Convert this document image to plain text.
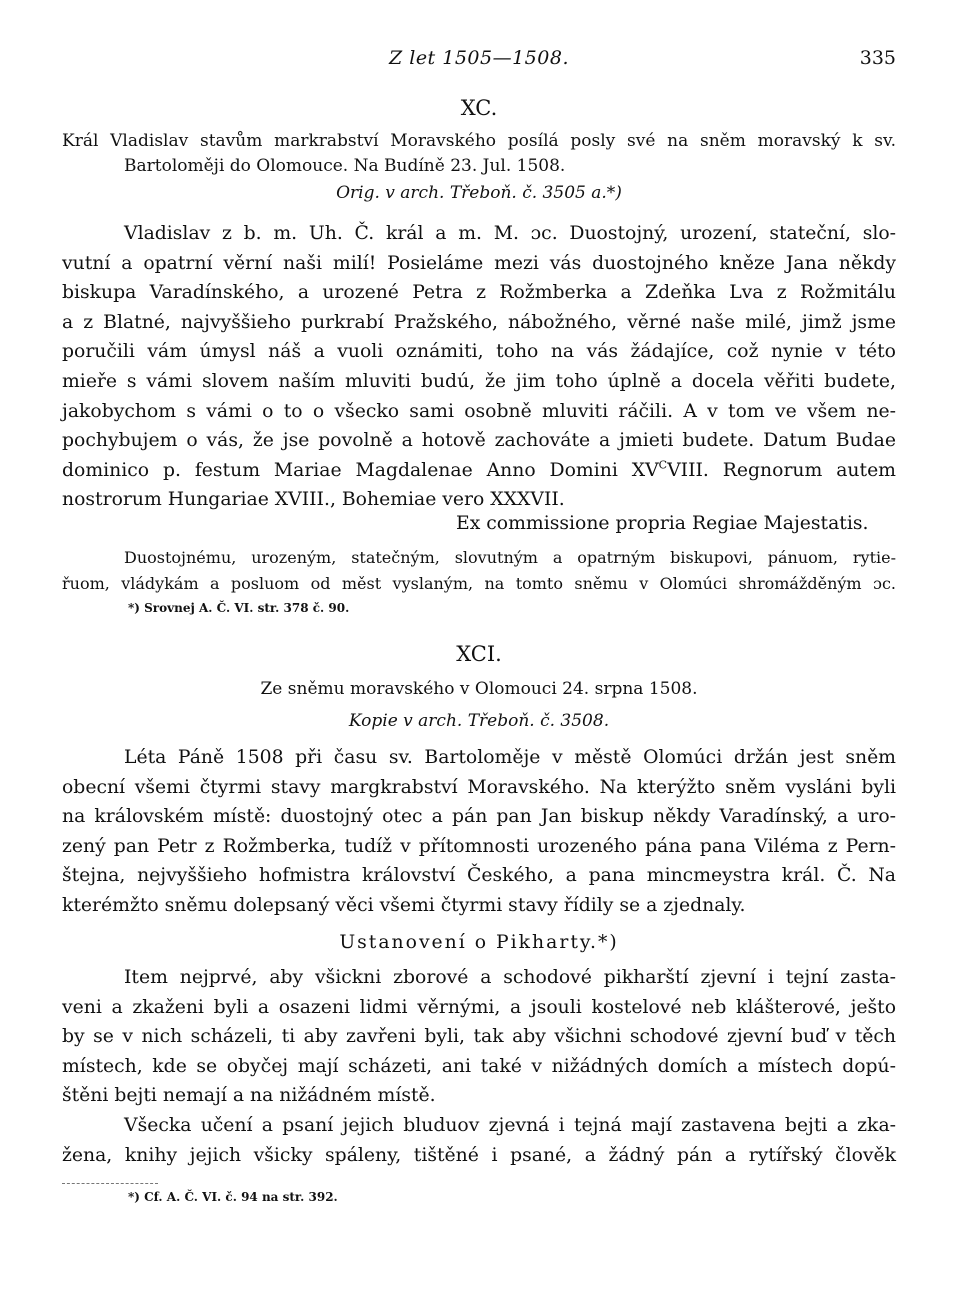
Z let 1505—1508.	335
XC.
Král Vladislav stavům markrabství Moravského posílá posly své na sněm moravský k sv.
Bartoloměji do Olomouce. Na Budíně 23. Jul. 1508.
Orig. v arch. Třeboň. č. 3505 a.*)
Vladislav z b. m. Uh. Č. král a m. M. ɔc. Duostojný, urození, stateční, slo-
vutní a opatrní věrní naši milí! Posieláme mezi vás duostojného kněze Jana někdy
biskupa Varadínského, a urozené Petra z Rožmberka a Zdeňka Lva z Rožmitálu
a z Blatné, najvyššieho purkrabí Pražského, nábožného, věrné naše milé, jimž jsme
poručili vám úmysl náš a vuoli oznámiti, toho na vás žádajíce, což nynie v této
mieře s vámi slovem naším mluviti budú, že jim toho úplně a docela věřiti budete,
jakobychom s vámi o to o všecko sami osobně mluviti ráčili. A v tom ve všem ne-
pochybujem o vás, že jse povolně a hotově zachováte a jmieti budete. Datum Budae
dominico p. festum Mariae Magdalenae Anno Domini $XV^CVIII$. Regnorum autem
nostrorum Hungariae XVIII., Bohemiae vero XXXVII.
Ex commissione propria Regiae Majestatis.
Duostojnému, urozeným, statečným, slovutným a opatrným biskupovi, pánuom, rytie-
řuom, vládykám a posluom od měst vyslaným, na tomto sněmu v Olomúci shromážděným ɔc.
*) Srovnej A. Č. VI. str. 378 č. 90.
XCI.
Ze sněmu moravského v Olomouci 24. srpna 1508.
Kopie v arch. Třeboň. č. 3508.
Léta Páně 1508 při času sv. Bartoloměje v městě Olomúci držán jest sněm
obecní všemi čtyrmi stavy margkrabství Moravského. Na kterýžto sněm vysláni byli
na královském místě: duostojný otec a pán pan Jan biskup někdy Varadínský, a uro-
zený pan Petr z Rožmberka, tudíž v přítomnosti urozeného pána pana Viléma z Pern-
štejna, nejvyššieho hofmistra království Českého, a pana mincmeystra král. Č. Na
kterémžto sněmu dolepsaný věci všemi čtyrmi stavy řídily se a zjednaly.
Ustanovení o Pikharty.*)
Item nejprvé, aby všickni zborové a schodové pikharští zjevní i tejní zasta-
veni a zkaženi byli a osazeni lidmi věrnými, a jsouli kostelové neb klášterové, ješto
by se v nich scházeli, ti aby zavřeni byli, tak aby všichni schodové zjevní buď v těch
místech, kde se obyčej mají scházeti, ani také v nižádných domích a místech dopú-
štěni bejti nemají a na nižádném místě.
Všecka učení a psaní jejich bluduov zjevná i tejná mají zastavena bejti a zka-
žena, knihy jejich všicky spáleny, tištěné i psané, a žádný pán a rytířský člověk
*) Cf. A. Č. VI. č. 94 na str. 392.
